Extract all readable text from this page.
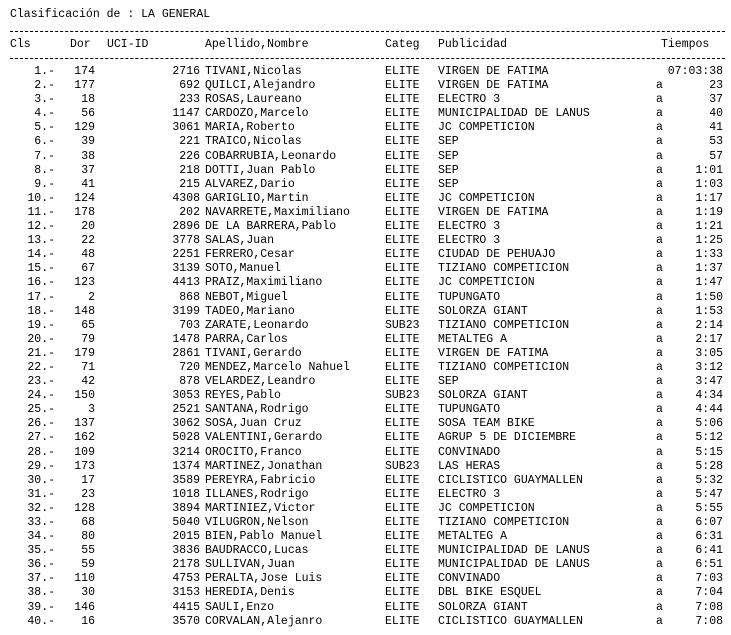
Clasificación de : LA GENERAL
Cls	Dor UCI-ID	Apellido,Nombre	Categ Publicidad	Tiempos
1.-	174	2716 TIVANI,Nicolas	ELITE VIRGEN DE FATIMA	07:03:38
2.-	177	692 QUILCI,Alejandro	ELITE VIRGEN DE FATIMA	a	23
3.-	18	233 ROSAS,Laureano	ELITE ELECTRO 3	a	37
4.-	56	1147 CARDOZO,Marcelo	ELITE MUNICIPALIDAD DE LANUS	a	40
5.-	129	3061 MARIA,Roberto	ELITE JC COMPETICION	a	41
6.-	39	221 TRAICO,Nicolas	ELITE SEP	a	53
7.-	38	226 COBARRUBIA,Leonardo	ELITE SEP	a	57
8.-	37	218 DOTTI,Juan Pablo	ELITE SEP	a	1:01
9.-	41	215 ALVAREZ,Dario	ELITE SEP	a	1:03
10.-	124	4308 GARIGLIO,Martin	ELITE JC COMPETICION	a	1:17
11.-	178	202 NAVARRETE,Maximiliano	ELITE VIRGEN DE FATIMA	a	1:19
12.-	20	2896 DE LA BARRERA,Pablo	ELITE ELECTRO 3	a	1:21
13.-	22	3778 SALAS,Juan	ELITE ELECTRO 3	a	1:25
14.-	48	2251 FERRERO,Cesar	ELITE CIUDAD DE PEHUAJO	a	1:33
15.-	67	3139 SOTO,Manuel	ELITE TIZIANO COMPETICION	a	1:37
16.-	123	4413 PRAIZ,Maximiliano	ELITE JC COMPETICION	a	1:47
17.-	2	868 NEBOT,Miguel	ELITE TUPUNGATO	a	1:50
18.-	148	3199 TADEO,Mariano	ELITE SOLORZA GIANT	a	1:53
19.-	65	703 ZARATE,Leonardo	SUB23 TIZIANO COMPETICION	a	2:14
20.-	79	1478 PARRA,Carlos	ELITE METALTEG A	a	2:17
21.-	179	2861 TIVANI,Gerardo	ELITE VIRGEN DE FATIMA	a	3:05
22.-	71	720 MENDEZ,Marcelo Nahuel	ELITE TIZIANO COMPETICION	a	3:12
23.-	42	878 VELARDEZ,Leandro	ELITE SEP	a	3:47
24.-	150	3053 REYES,Pablo	SUB23 SOLORZA GIANT	a	4:34
25.-	3	2521 SANTANA,Rodrigo	ELITE TUPUNGATO	a	4:44
26.-	137	3062 SOSA,Juan Cruz	ELITE SOSA TEAM BIKE	a	5:06
27.-	162	5028 VALENTINI,Gerardo	ELITE AGRUP 5 DE DICIEMBRE	a	5:12
28.-	109	3214 OROCITO,Franco	ELITE CONVINADO	a	5:15
29.-	173	1374 MARTINEZ,Jonathan	SUB23 LAS HERAS	a	5:28
30.-	17	3589 PEREYRA,Fabricio	ELITE CICLISTICO GUAYMALLEN	a	5:32
31.-	23	1018 ILLANES,Rodrigo	ELITE ELECTRO 3	a	5:47
32.-	128	3894 MARTINIEZ,Victor	ELITE JC COMPETICION	a	5:55
33.-	68	5040 VILUGRON,Nelson	ELITE TIZIANO COMPETICION	a	6:07
34.-	80	2015 BIEN,Pablo Manuel	ELITE METALTEG A	a	6:31
35.-	55	3836 BAUDRACCO,Lucas	ELITE MUNICIPALIDAD DE LANUS	a	6:41
36.-	59	2178 SULLIVAN,Juan	ELITE MUNICIPALIDAD DE LANUS	a	6:51
37.-	110	4753 PERALTA,Jose Luis	ELITE CONVINADO	a	7:03
38.-	30	3153 HEREDIA,Denis	ELITE DBL BIKE ESQUEL	a	7:04
39.-	146	4415 SAULI,Enzo	ELITE SOLORZA GIANT	a	7:08
40.-	16	3570 CORVALAN,Alejanro	ELITE CICLISTICO GUAYMALLEN	a	7:08
